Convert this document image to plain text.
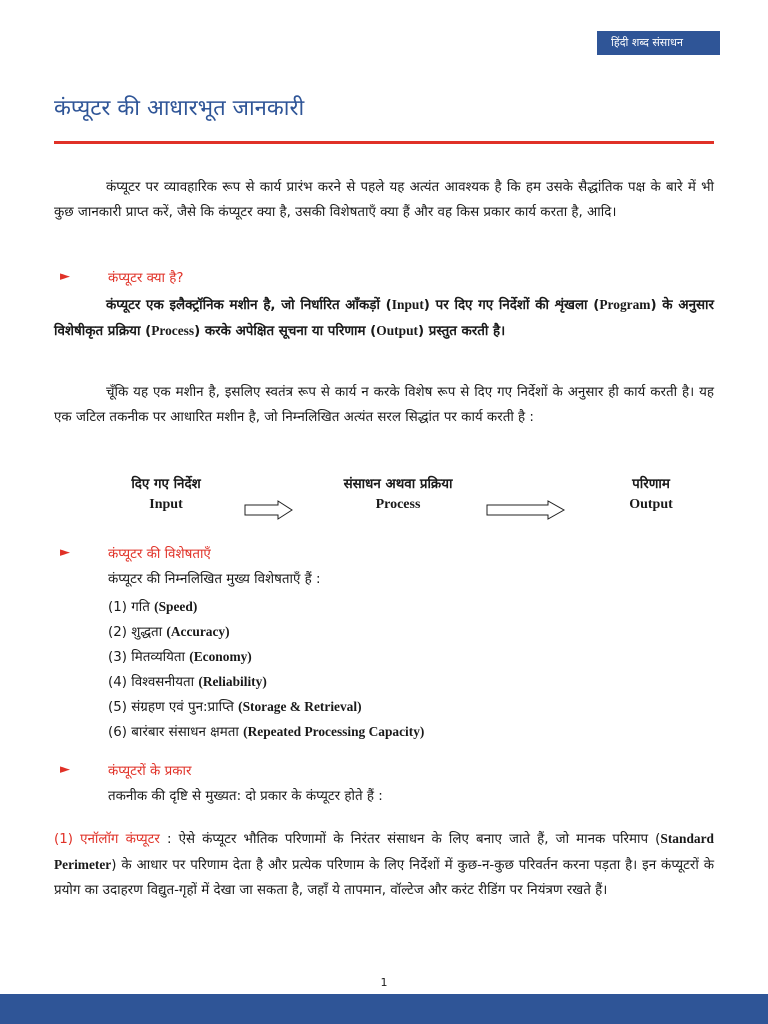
हिंदी शब्द संसाधन
कंप्यूटर की आधारभूत जानकारी

कंप्यूटर पर व्यावहारिक रूप से कार्य प्रारंभ करने से पहले यह अत्यंत आवश्यक है कि हम उसके सैद्धांतिक पक्ष के बारे में भी कुछ जानकारी प्राप्त करें, जैसे कि कंप्यूटर क्या है, उसकी विशेषताएँ क्या हैं और वह किस प्रकार कार्य करता है, आदि।

►	कंप्यूटर क्या है?

कंप्यूटर एक इलैक्ट्रॉनिक मशीन है, जो निर्धारित आँकड़ों (Input) पर दिए गए निर्देशों की शृंखला (Program) के अनुसार विशेषीकृत प्रक्रिया (Process) करके अपेक्षित सूचना या परिणाम (Output) प्रस्तुत करती है।

चूँकि यह एक मशीन है, इसलिए स्वतंत्र रूप से कार्य न करके विशेष रूप से दिए गए निर्देशों के अनुसार ही कार्य करती है। यह एक जटिल तकनीक पर आधारित मशीन है, जो निम्नलिखित अत्यंत सरल सिद्धांत पर कार्य करती है :

दिए गए निर्देश
Input
संसाधन अथवा प्रक्रिया
Process
परिणाम
Output
►	कंप्यूटर की विशेषताएँ

कंप्यूटर की निम्नलिखित मुख्य विशेषताएँ हैं :

(1) गति (Speed)
(2) शुद्धता (Accuracy)
(3) मितव्ययिता (Economy)
(4) विश्वसनीयता (Reliability)
(5) संग्रहण एवं पुन:प्राप्ति (Storage & Retrieval)
(6) बारंबार संसाधन क्षमता (Repeated Processing Capacity)
►	कंप्यूटरों के प्रकार

तकनीक की दृष्टि से मुख्यत: दो प्रकार के कंप्यूटर होते हैं :

(1) एनॉलॉग कंप्यूटर : ऐसे कंप्यूटर भौतिक परिणामों के निरंतर संसाधन के लिए बनाए जाते हैं, जो मानक परिमाप (Standard Perimeter) के आधार पर परिणाम देता है और प्रत्येक परिणाम के लिए निर्देशों में कुछ-न-कुछ परिवर्तन करना पड़ता है। इन कंप्यूटरों के प्रयोग का उदाहरण विद्युत-गृहों में देखा जा सकता है, जहाँ ये तापमान, वॉल्टेज और करंट रीडिंग पर नियंत्रण रखते हैं।

1
